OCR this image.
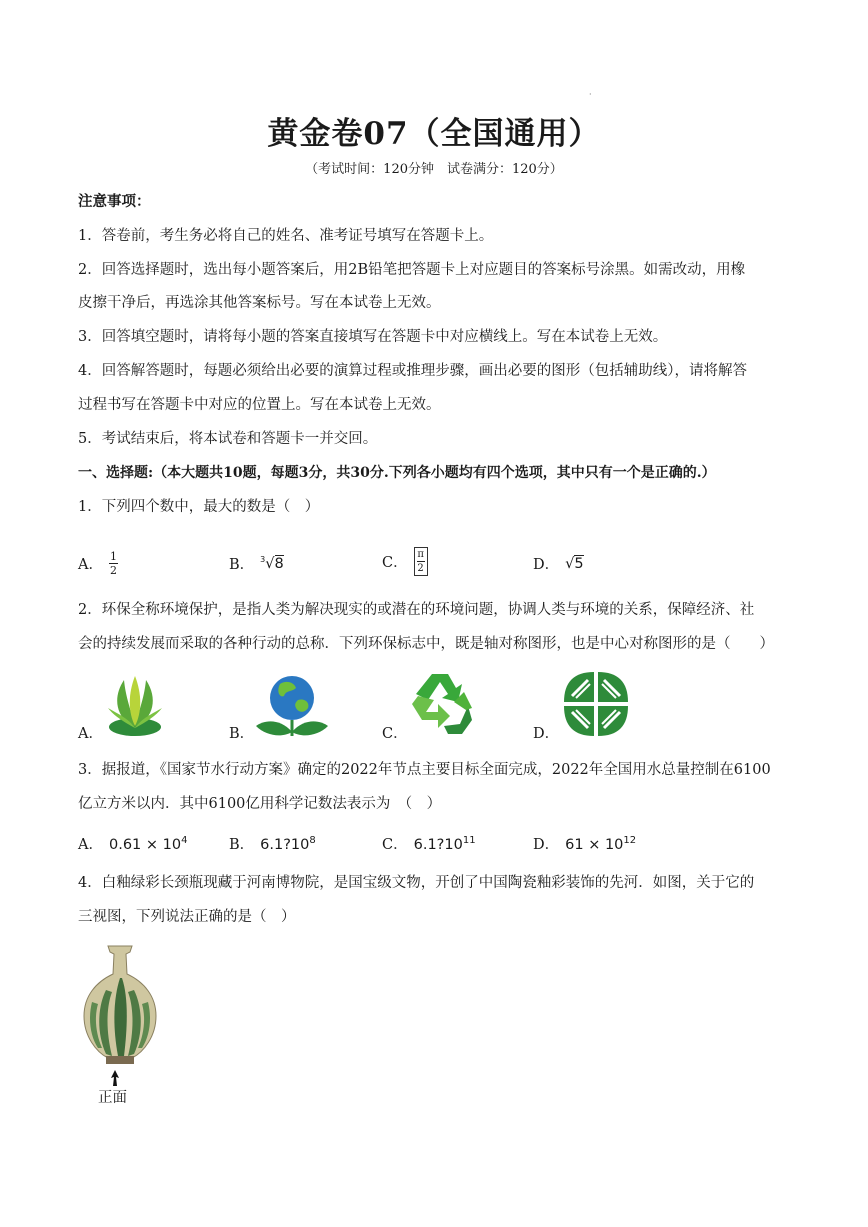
·
黄金卷07（全国通用）
（考试时间：120分钟　试卷满分：120分）
注意事项：
1．答卷前，考生务必将自己的姓名、准考证号填写在答题卡上。
2．回答选择题时，选出每小题答案后，用2B铅笔把答题卡上对应题目的答案标号涂黑。如需改动，用橡
皮擦干净后，再选涂其他答案标号。写在本试卷上无效。
3．回答填空题时，请将每小题的答案直接填写在答题卡中对应横线上。写在本试卷上无效。
4．回答解答题时，每题必须给出必要的演算过程或推理步骤，画出必要的图形（包括辅助线），请将解答
过程书写在答题卡中对应的位置上。写在本试卷上无效。
5．考试结束后，将本试卷和答题卡一并交回。
一、选择题:（本大题共10题，每题3分，共30分.下列各小题均有四个选项，其中只有一个是正确的.）
1．下列四个数中，最大的数是（　）
A． $\frac{1}{2}$	B． $^3$√8	C．
π
2	D． √5
2．环保全称环境保护，是指人类为解决现实的或潜在的环境问题，协调人类与环境的关系，保障经济、社
会的持续发展而采取的各种行动的总称．下列环保标志中，既是轴对称图形，也是中心对称图形的是（　　）
A．	B．	C．	D．
3．据报道，《国家节水行动方案》确定的2022年节点主要目标全面完成，2022年全国用水总量控制在6100
亿立方米以内．其中6100亿用科学记数法表示为　（　）
A． $0.61 \times 10^4$	B． $6.1?10^8$	C． $6.1?10^{11}$	D． $61 \times 10^{12}$
4．白釉绿彩长颈瓶现藏于河南博物院，是国宝级文物，开创了中国陶瓷釉彩装饰的先河．如图，关于它的
三视图，下列说法正确的是（　）
正面
